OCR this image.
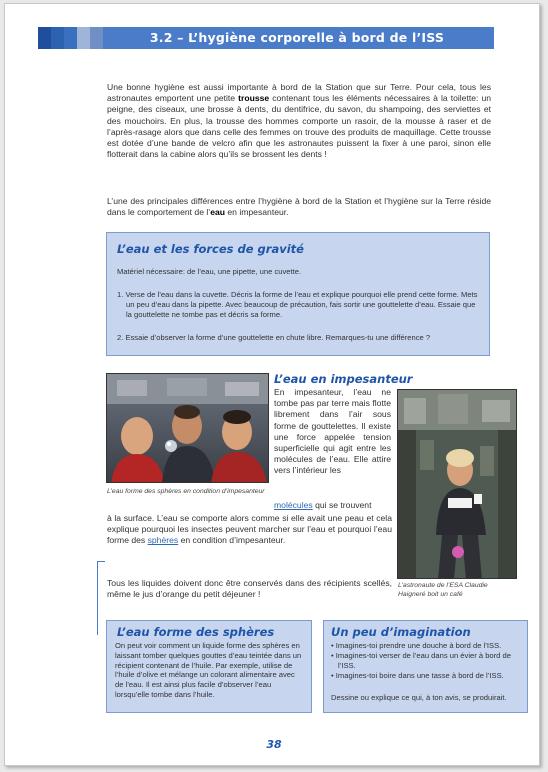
3.2 – L’hygiène corporelle à bord de l’ISS
Une bonne hygiène est aussi importante à bord de la Station que sur Terre. Pour cela, tous les astronautes emportent une petite trousse contenant tous les éléments nécessaires à la toilette: un peigne, des ciseaux, une brosse à dents, du dentifrice, du savon, du shampoing, des serviettes et des mouchoirs. En plus, la trousse des hommes comporte un rasoir, de la mousse à raser et de l’après-rasage alors que dans celle des femmes on trouve des produits de maquillage. Cette trousse est dotée d’une bande de velcro afin que les astronautes puissent la fixer à une paroi, sinon elle flotterait dans la cabine alors qu’ils se brossent les dents !
L’une des principales différences entre l’hygiène à bord de la Station et l’hygiène sur la Terre réside dans le comportement de l’eau en impesanteur.
L’eau et les forces de gravité
Matériel nécessaire: de l’eau, une pipette, une cuvette.
1. Verse de l’eau dans la cuvette. Décris la forme de l’eau et explique pourquoi elle prend cette forme. Mets un peu d’eau dans la pipette. Avec beaucoup de précaution, fais sortir une gouttelette d’eau. Essaie que la gouttelette ne tombe pas et décris sa forme.
2. Essaie d’observer la forme d’une gouttelette en chute libre. Remarques-tu une différence ?
L’eau forme des sphères en condition d’impesanteur
L’eau en impesanteur
En impesanteur, l’eau ne tombe pas par terre mais flotte librement dans l’air sous forme de gouttelettes. Il existe une force appelée tension superficielle qui agit entre les molécules de l’eau. Elle attire vers l’intérieur les
molécules qui se trouvent
à la surface. L’eau se comporte alors comme si elle avait une peau et cela explique pourquoi les insectes peuvent marcher sur l’eau et pourquoi l’eau forme des sphères en condition d’impesanteur.
Tous les liquides doivent donc être conservés dans des récipients scellés, même le jus d’orange du petit déjeuner !
L’astronaute de l’ESA Claudie Haigneré boit un café
L’eau forme des sphères
On peut voir comment un liquide forme des sphères en laissant tomber quelques gouttes d’eau teintée dans un récipient contenant de l’huile. Par exemple, utilise de l’huile d’olive et mélange un colorant alimentaire avec de l’eau. Il est ainsi plus facile d’observer l’eau lorsqu’elle tombe dans l’huile.
Un peu d’imagination
• Imagines-toi prendre une douche à bord de l’ISS.
• Imagines-toi verser de l’eau dans un évier à bord de l’ISS.
• Imagines-toi boire dans une tasse à bord de l’ISS.
Dessine ou explique ce qui, à ton avis, se produirait.
38
